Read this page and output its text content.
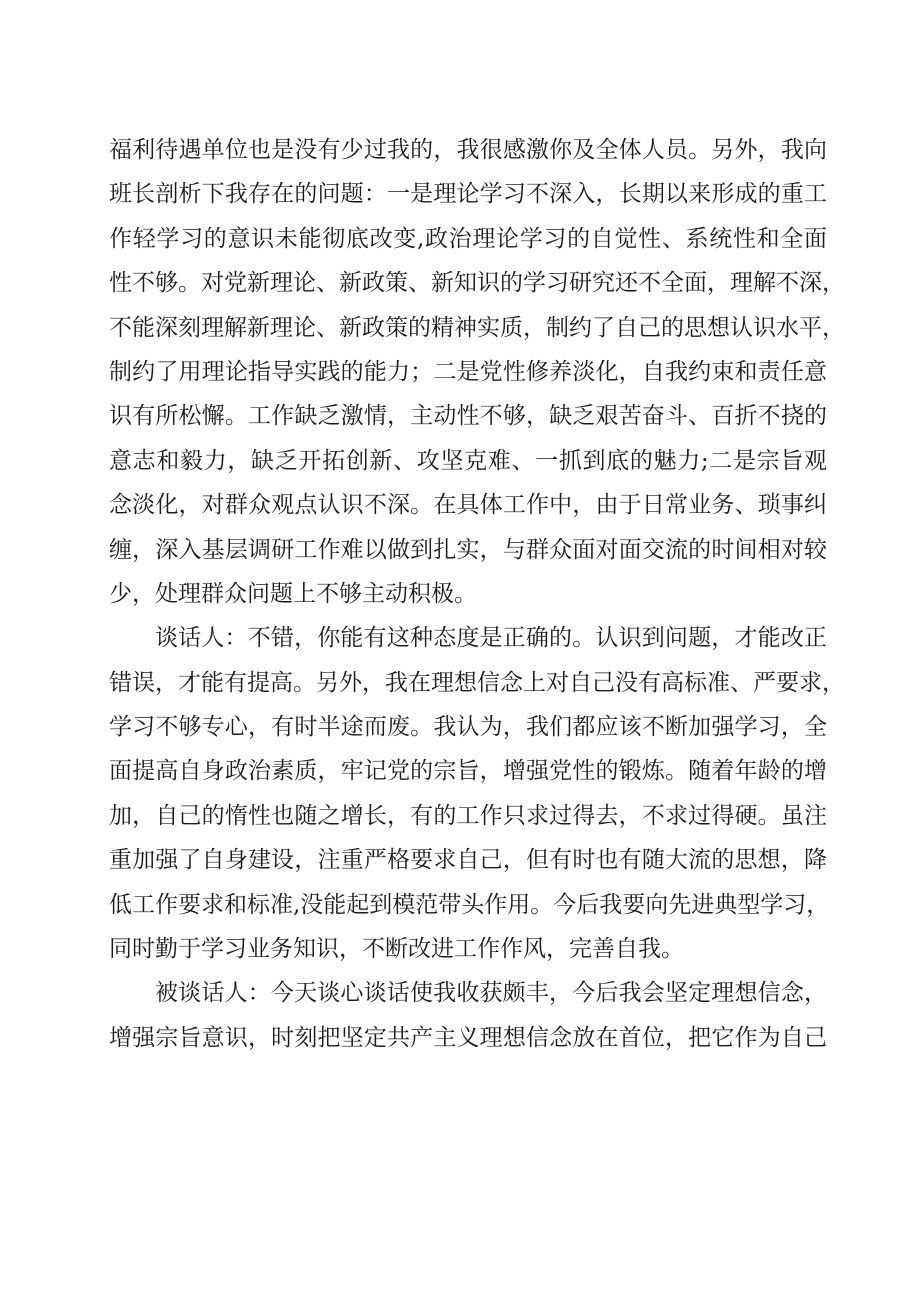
福利待遇单位也是没有少过我的，我很感激你及全体人员。另外，我向
班长剖析下我存在的问题：一是理论学习不深入，长期以来形成的重工
作轻学习的意识未能彻底改变,政治理论学习的自觉性、系统性和全面
性不够。对党新理论、新政策、新知识的学习研究还不全面，理解不深，
不能深刻理解新理论、新政策的精神实质，制约了自己的思想认识水平，
制约了用理论指导实践的能力；二是党性修养淡化，自我约束和责任意
识有所松懈。工作缺乏激情，主动性不够，缺乏艰苦奋斗、百折不挠的
意志和毅力，缺乏开拓创新、攻坚克难、一抓到底的魅力;二是宗旨观
念淡化，对群众观点认识不深。在具体工作中，由于日常业务、琐事纠
缠，深入基层调研工作难以做到扎实，与群众面对面交流的时间相对较
少，处理群众问题上不够主动积极。
谈话人：不错，你能有这种态度是正确的。认识到问题，才能改正
错误，才能有提高。另外，我在理想信念上对自己没有高标准、严要求，
学习不够专心，有时半途而废。我认为，我们都应该不断加强学习，全
面提高自身政治素质，牢记党的宗旨，增强党性的锻炼。随着年龄的增
加，自己的惰性也随之增长，有的工作只求过得去，不求过得硬。虽注
重加强了自身建设，注重严格要求自己，但有时也有随大流的思想，降
低工作要求和标准,没能起到模范带头作用。今后我要向先进典型学习，
同时勤于学习业务知识，不断改进工作作风，完善自我。
被谈话人：今天谈心谈话使我收获颇丰，今后我会坚定理想信念，
增强宗旨意识，时刻把坚定共产主义理想信念放在首位，把它作为自己
